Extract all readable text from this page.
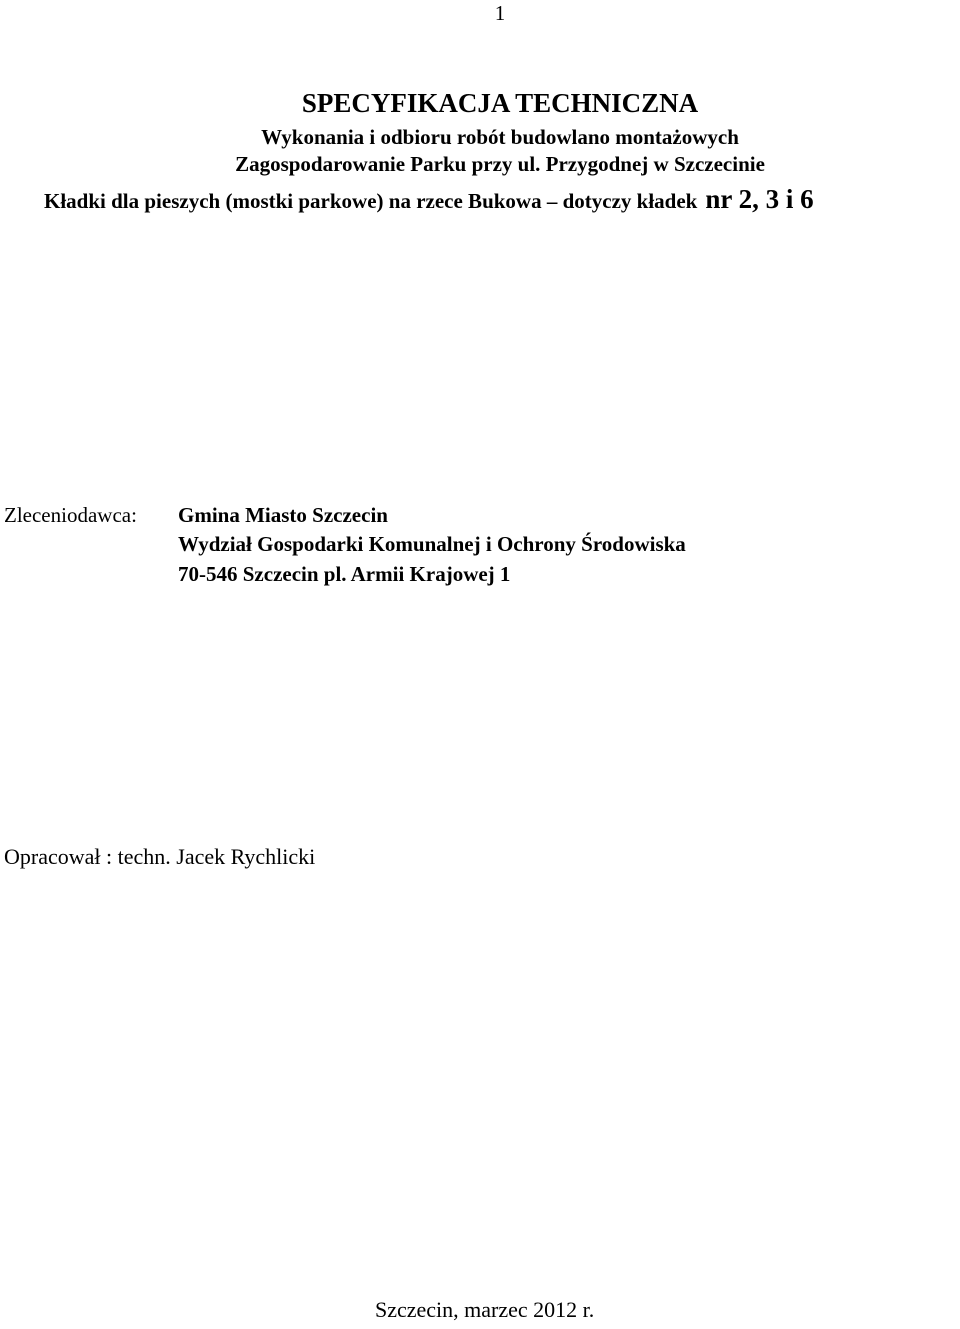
1
SPECYFIKACJA TECHNICZNA
Wykonania i odbioru robót budowlano montażowych
Zagospodarowanie Parku przy ul. Przygodnej w Szczecinie
Kładki dla pieszych (mostki parkowe) na rzece Bukowa – dotyczy kładek nr 2, 3 i 6
Zleceniodawca: Gmina Miasto Szczecin
Wydział Gospodarki Komunalnej i Ochrony Środowiska
70-546 Szczecin pl. Armii Krajowej 1
Opracował : techn. Jacek Rychlicki
Szczecin, marzec 2012 r.
